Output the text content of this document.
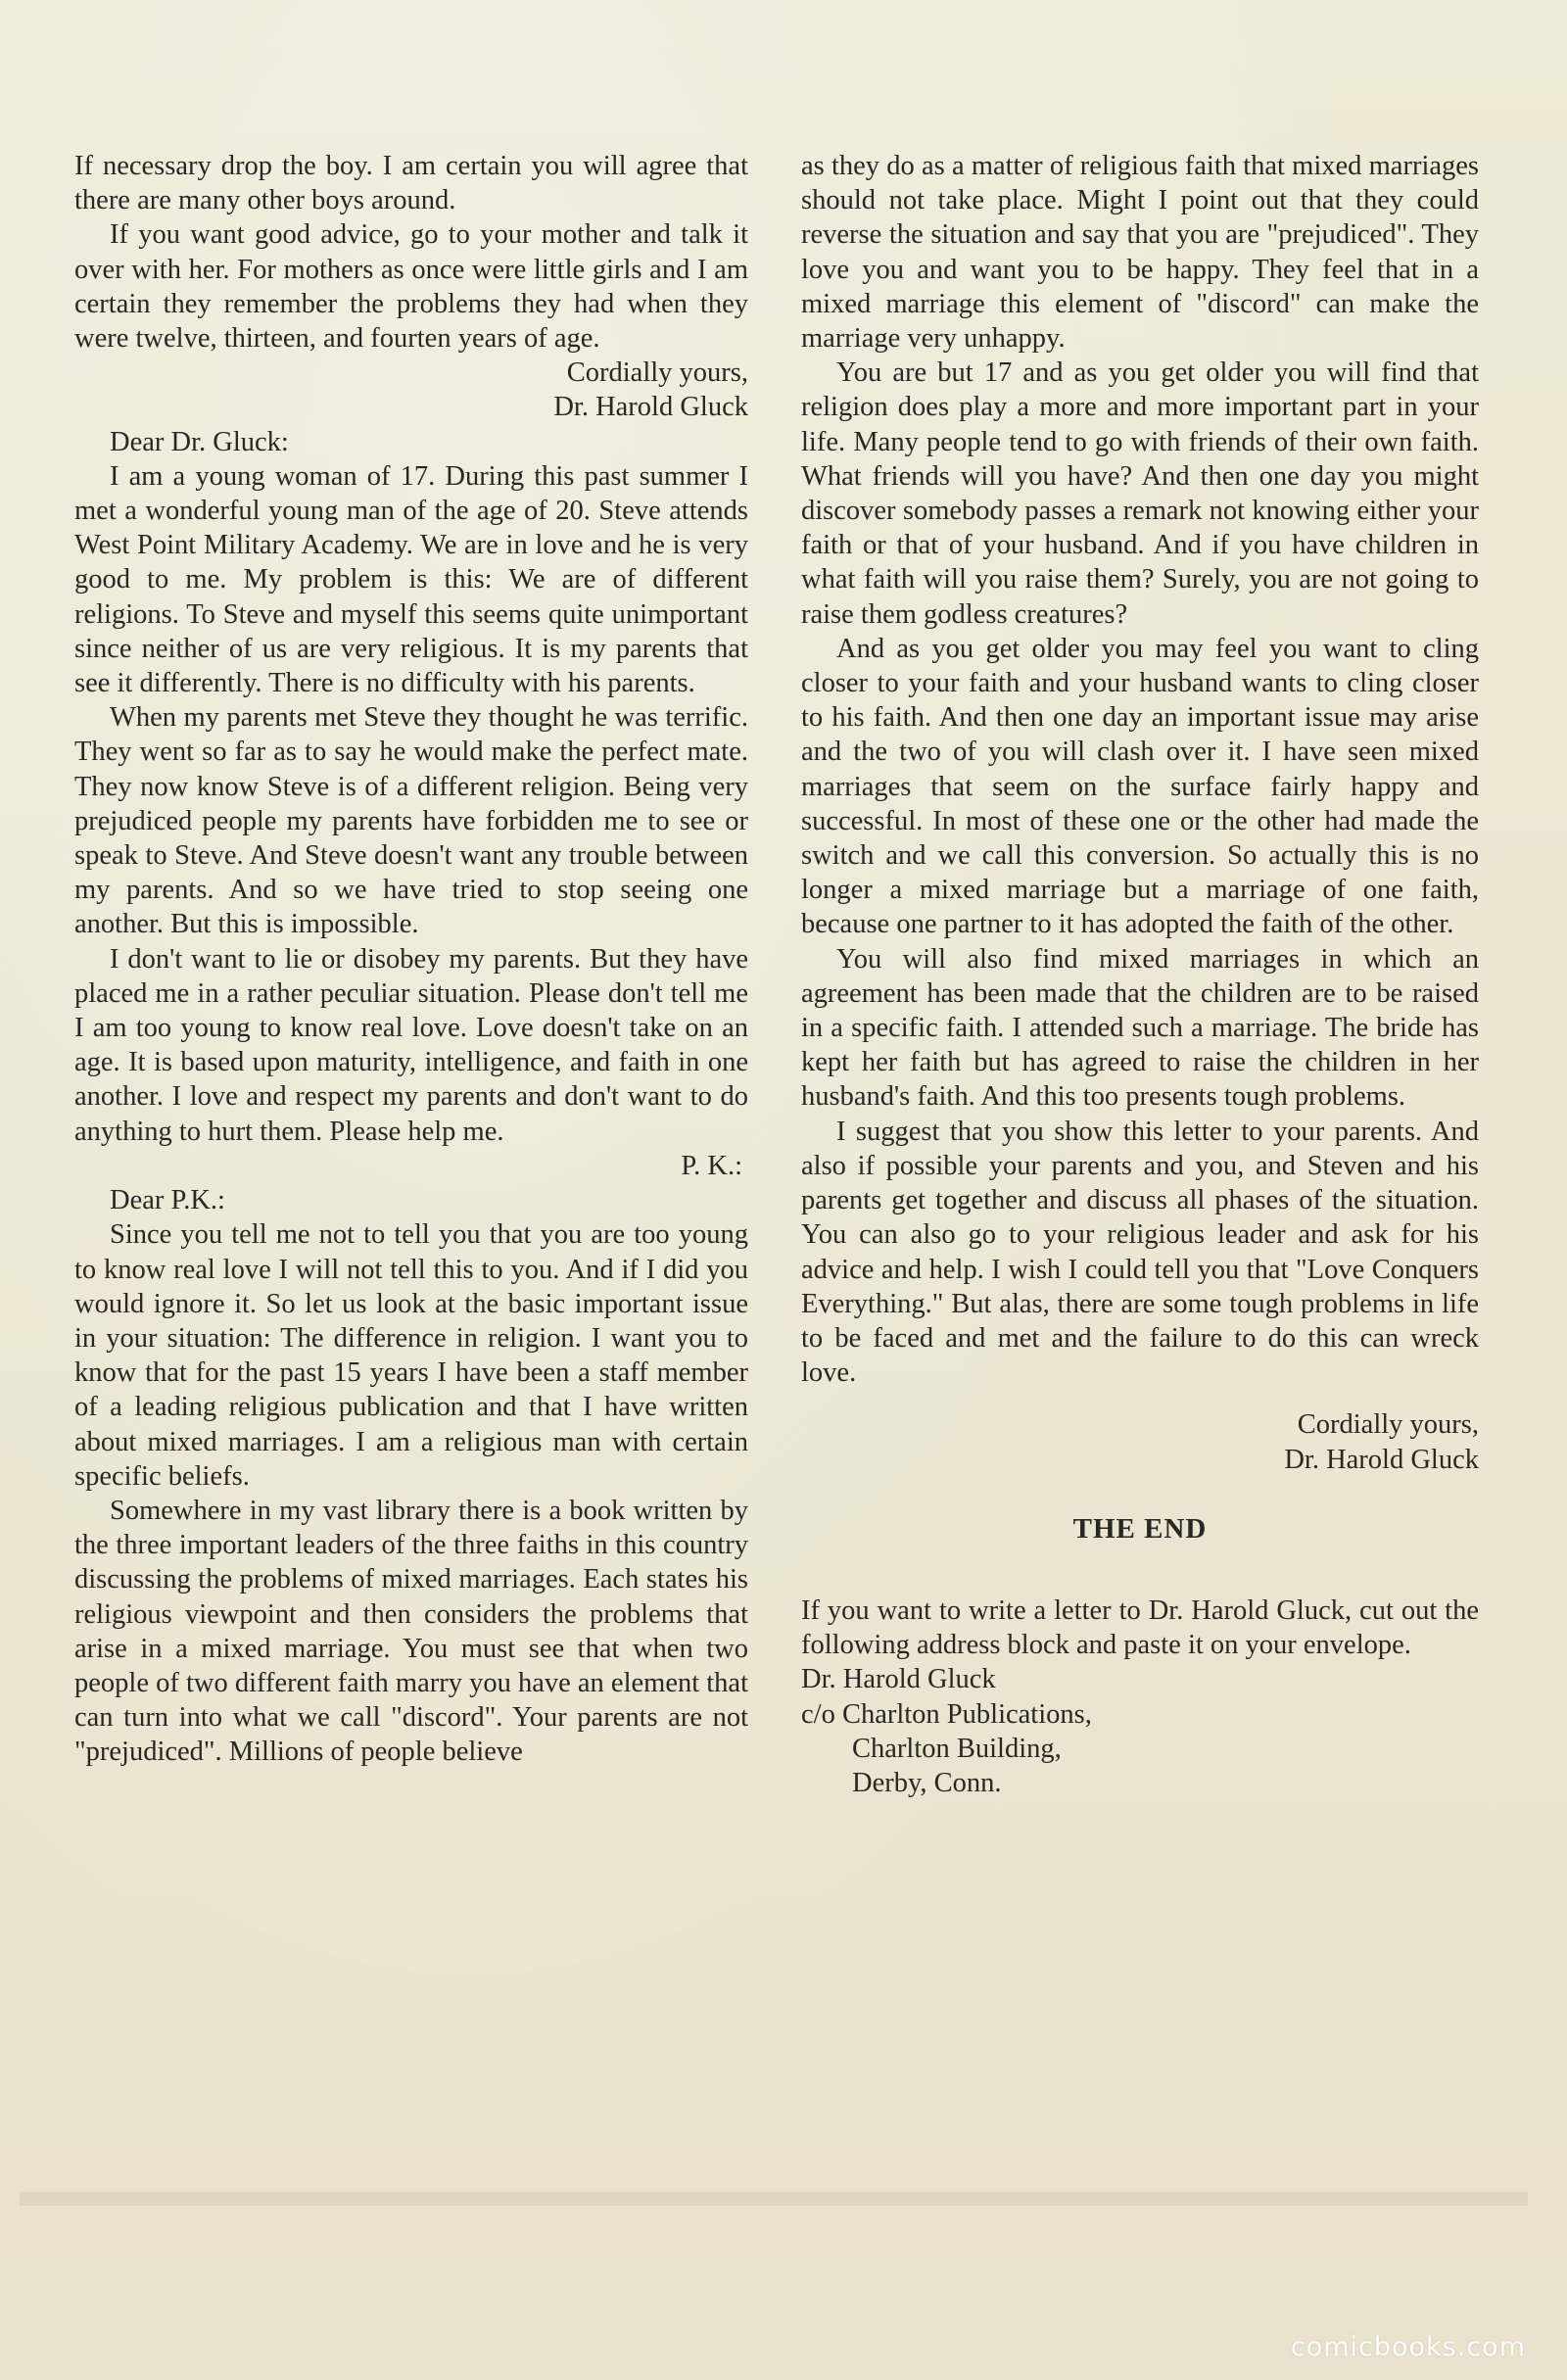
If necessary drop the boy. I am certain you will agree that there are many other boys around.

If you want good advice, go to your mother and talk it over with her. For mothers as once were little girls and I am certain they remember the problems they had when they were twelve, thirteen, and fourten years of age.

Cordially yours,

Dr. Harold Gluck

Dear Dr. Gluck:

I am a young woman of 17. During this past summer I met a wonderful young man of the age of 20. Steve attends West Point Military Academy. We are in love and he is very good to me. My problem is this: We are of different religions. To Steve and myself this seems quite unimportant since neither of us are very religious. It is my parents that see it differently. There is no difficulty with his parents.

When my parents met Steve they thought he was terrific. They went so far as to say he would make the perfect mate. They now know Steve is of a different religion. Being very prejudiced people my parents have forbidden me to see or speak to Steve. And Steve doesn't want any trouble between my parents. And so we have tried to stop seeing one another. But this is impossible.

I don't want to lie or disobey my parents. But they have placed me in a rather peculiar situation. Please don't tell me I am too young to know real love. Love doesn't take on an age. It is based upon maturity, intelligence, and faith in one another. I love and respect my parents and don't want to do anything to hurt them. Please help me.

P. K.:

Dear P.K.:

Since you tell me not to tell you that you are too young to know real love I will not tell this to you. And if I did you would ignore it. So let us look at the basic important issue in your situation: The difference in religion. I want you to know that for the past 15 years I have been a staff member of a leading religious publication and that I have written about mixed marriages. I am a religious man with certain specific beliefs.

Somewhere in my vast library there is a book written by the three important leaders of the three faiths in this country discussing the problems of mixed marriages. Each states his religious viewpoint and then considers the problems that arise in a mixed marriage. You must see that when two people of two different faith marry you have an element that can turn into what we call "discord". Your parents are not "prejudiced". Millions of people believe

as they do as a matter of religious faith that mixed marriages should not take place. Might I point out that they could reverse the situation and say that you are "prejudiced". They love you and want you to be happy. They feel that in a mixed marriage this element of "discord" can make the marriage very unhappy.

You are but 17 and as you get older you will find that religion does play a more and more important part in your life. Many people tend to go with friends of their own faith. What friends will you have? And then one day you might discover somebody passes a remark not knowing either your faith or that of your husband. And if you have children in what faith will you raise them? Surely, you are not going to raise them godless creatures?

And as you get older you may feel you want to cling closer to your faith and your husband wants to cling closer to his faith. And then one day an important issue may arise and the two of you will clash over it. I have seen mixed marriages that seem on the surface fairly happy and successful. In most of these one or the other had made the switch and we call this conversion. So actually this is no longer a mixed marriage but a marriage of one faith, because one partner to it has adopted the faith of the other.

You will also find mixed marriages in which an agreement has been made that the children are to be raised in a specific faith. I attended such a marriage. The bride has kept her faith but has agreed to raise the children in her husband's faith. And this too presents tough problems.

I suggest that you show this letter to your parents. And also if possible your parents and you, and Steven and his parents get together and discuss all phases of the situation. You can also go to your religious leader and ask for his advice and help. I wish I could tell you that "Love Conquers Everything." But alas, there are some tough problems in life to be faced and met and the failure to do this can wreck love.

Cordially yours,

Dr. Harold Gluck

THE END

If you want to write a letter to Dr. Harold Gluck, cut out the following address block and paste it on your envelope.

Dr. Harold Gluck
c/o Charlton Publications,
Charlton Building,
Derby, Conn.
comicbooks.com
